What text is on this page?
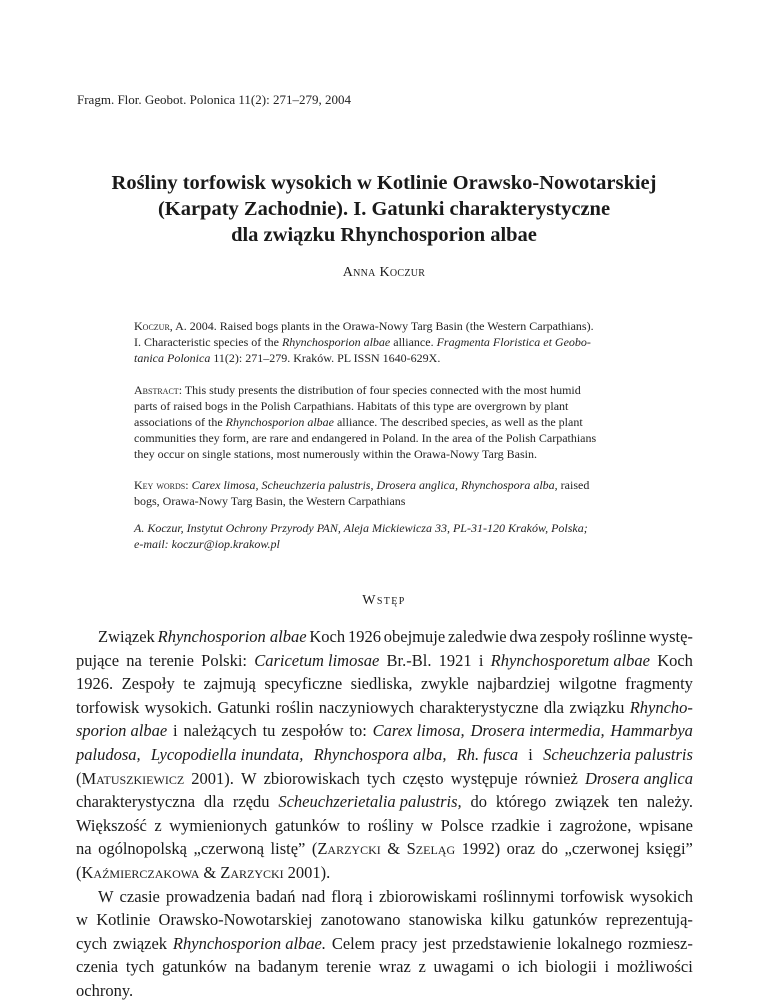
Fragm. Flor. Geobot. Polonica 11(2): 271–279, 2004
Rośliny torfowisk wysokich w Kotlinie Orawsko-Nowotarskiej
(Karpaty Zachodnie). I. Gatunki charakterystyczne
dla związku Rhynchosporion albae
Anna Koczur
Koczur, A. 2004. Raised bogs plants in the Orawa-Nowy Targ Basin (the Western Carpathians).
I. Characteristic species of the Rhynchosporion albae alliance. Fragmenta Floristica et Geobo-
tanica Polonica 11(2): 271–279. Kraków. PL ISSN 1640-629X.
Abstract: This study presents the distribution of four species connected with the most humid
parts of raised bogs in the Polish Carpathians. Habitats of this type are overgrown by plant
associations of the Rhynchosporion albae alliance. The described species, as well as the plant
communities they form, are rare and endangered in Poland. In the area of the Polish Carpathians
they occur on single stations, most numerously within the Orawa-Nowy Targ Basin.
Key words: Carex limosa, Scheuchzeria palustris, Drosera anglica, Rhynchospora alba, raised
bogs, Orawa-Nowy Targ Basin, the Western Carpathians
A. Koczur, Instytut Ochrony Przyrody PAN, Aleja Mickiewicza 33, PL-31-120 Kraków, Polska;
e-mail: koczur@iop.krakow.pl
Wstęp
Związek Rhynchosporion albae Koch 1926 obejmuje zaledwie dwa zespoły roślinne wystę-
pujące na terenie Polski: Caricetum limosae Br.-Bl. 1921 i Rhynchosporetum albae Koch
1926. Zespoły te zajmują specyficzne siedliska, zwykle najbardziej wilgotne fragmenty
torfowisk wysokich. Gatunki roślin naczyniowych charakterystyczne dla związku Rhyncho-
sporion albae i należących tu zespołów to: Carex limosa, Drosera intermedia, Hammarbya
paludosa, Lycopodiella inundata, Rhynchospora alba, Rh. fusca i Scheuchzeria palustris
(Matuszkiewicz 2001). W zbiorowiskach tych często występuje również Drosera anglica
charakterystyczna dla rzędu Scheuchzerietalia palustris, do którego związek ten należy.
Większość z wymienionych gatunków to rośliny w Polsce rzadkie i zagrożone, wpisane
na ogólnopolską „czerwoną listę” (Zarzycki & Szeląg 1992) oraz do „czerwonej księgi”
(Kaźmierczakowa & Zarzycki 2001).
W czasie prowadzenia badań nad florą i zbiorowiskami roślinnymi torfowisk wysokich
w Kotlinie Orawsko-Nowotarskiej zanotowano stanowiska kilku gatunków reprezentują-
cych związek Rhynchosporion albae. Celem pracy jest przedstawienie lokalnego rozmiesz-
czenia tych gatunków na badanym terenie wraz z uwagami o ich biologii i możliwości
ochrony.
